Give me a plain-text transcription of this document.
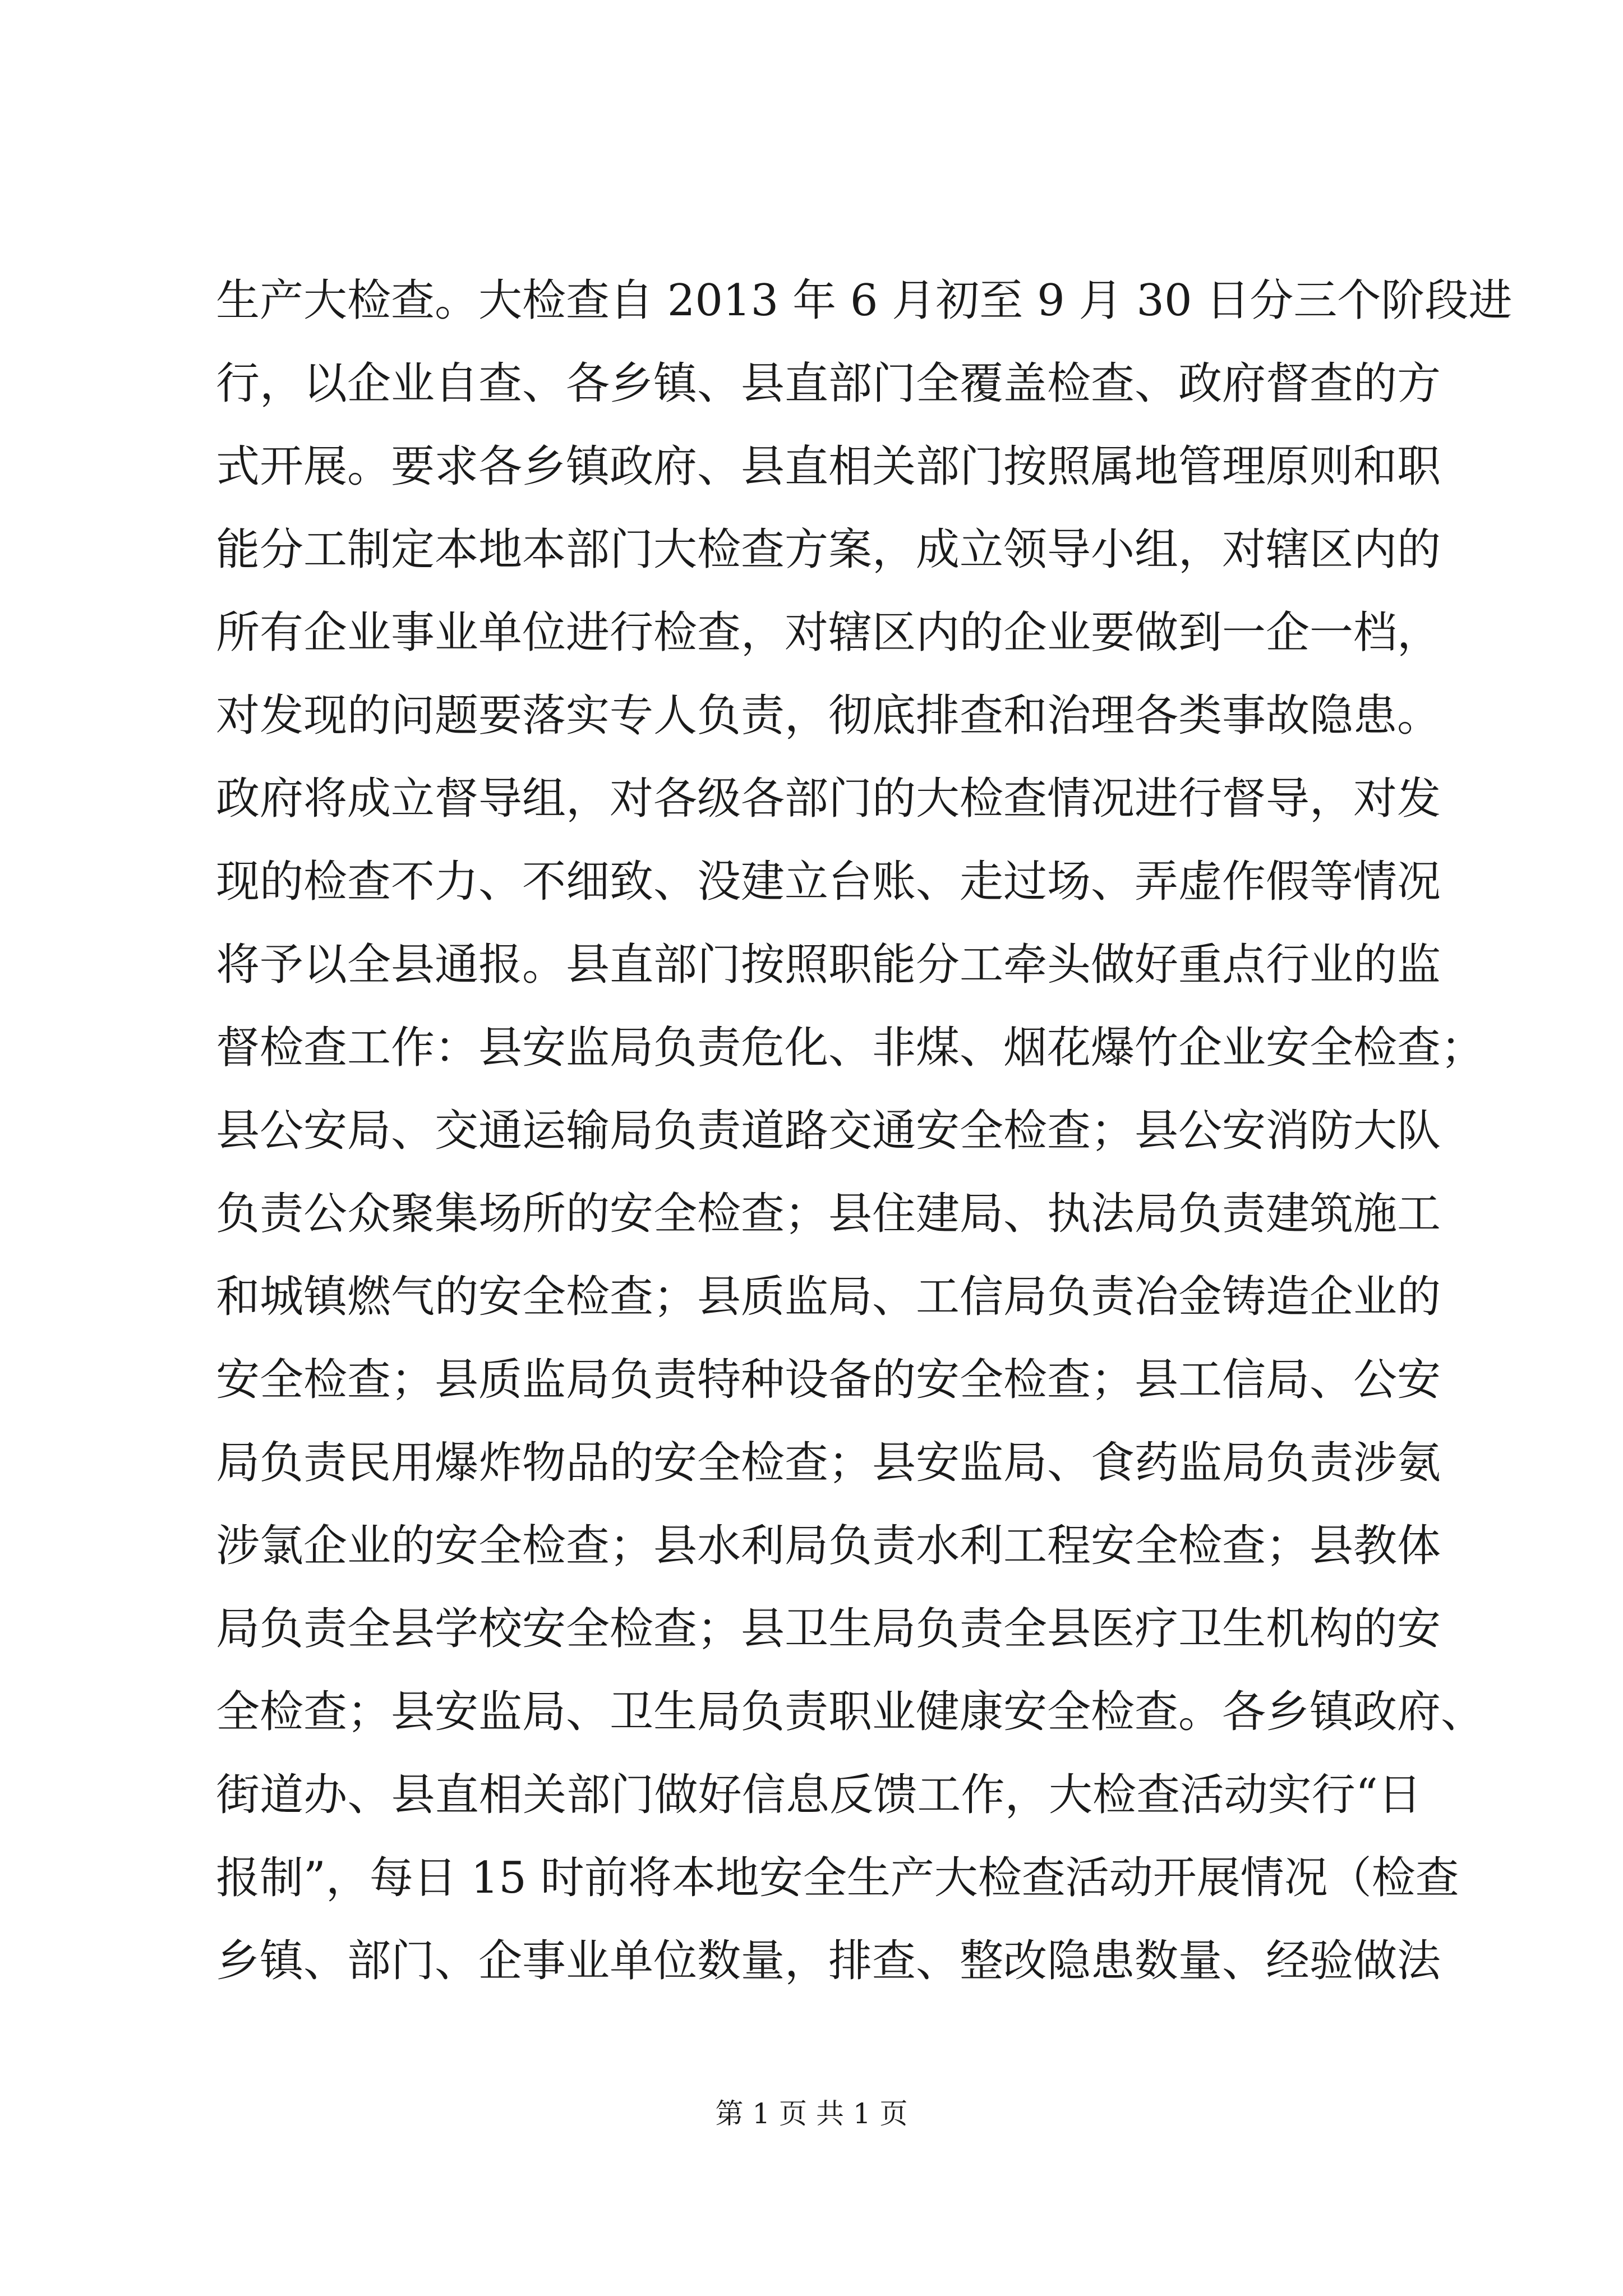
生产大检查。大检查自 2013 年 6 月初至 9 月 30 日分三个阶段进
行，以企业自查、各乡镇、县直部门全覆盖检查、政府督查的方
式开展。要求各乡镇政府、县直相关部门按照属地管理原则和职
能分工制定本地本部门大检查方案，成立领导小组，对辖区内的
所有企业事业单位进行检查，对辖区内的企业要做到一企一档，
对发现的问题要落实专人负责，彻底排查和治理各类事故隐患。
政府将成立督导组，对各级各部门的大检查情况进行督导，对发
现的检查不力、不细致、没建立台账、走过场、弄虚作假等情况
将予以全县通报。县直部门按照职能分工牵头做好重点行业的监
督检查工作：县安监局负责危化、非煤、烟花爆竹企业安全检查；
县公安局、交通运输局负责道路交通安全检查；县公安消防大队
负责公众聚集场所的安全检查；县住建局、执法局负责建筑施工
和城镇燃气的安全检查；县质监局、工信局负责冶金铸造企业的
安全检查；县质监局负责特种设备的安全检查；县工信局、公安
局负责民用爆炸物品的安全检查；县安监局、食药监局负责涉氨
涉氯企业的安全检查；县水利局负责水利工程安全检查；县教体
局负责全县学校安全检查；县卫生局负责全县医疗卫生机构的安
全检查；县安监局、卫生局负责职业健康安全检查。各乡镇政府、
街道办、县直相关部门做好信息反馈工作，大检查活动实行“日
报制”，每日 15 时前将本地安全生产大检查活动开展情况（检查
乡镇、部门、企事业单位数量，排查、整改隐患数量、经验做法
第 1 页 共 1 页
